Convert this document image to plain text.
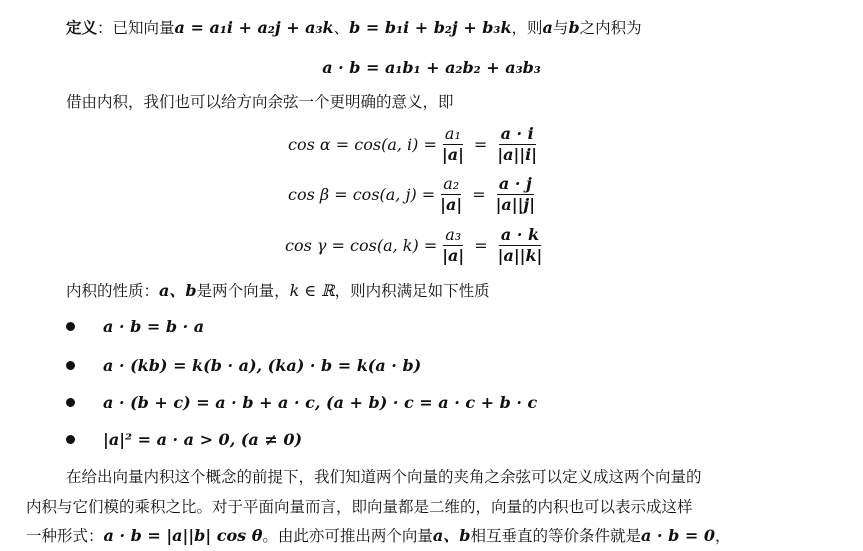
定义：已知向量a = a₁i + a₂j + a₃k、b = b₁i + b₂j + b₃k，则a与b之内积为
a · b = a₁b₁ + a₂b₂ + a₃b₃
借由内积，我们也可以给方向余弦一个更明确的意义，即
cos α = cos(a, $i) = \frac{\text{a₁}}{|a|} = \frac{a \cdot i}{|a||i|}$
cos β = cos(a, $j) = \frac{\text{a₂}}{|a|} = \frac{a \cdot j}{|a||j|}$
cos γ = cos(a, $k) = \frac{\text{a₃}}{|a|} = \frac{a \cdot k}{|a||k|}$
内积的性质：a、b是两个向量，k ∈ ℝ，则内积满足如下性质
a · b = b · a
a · (kb) = k(b · a), (ka) · b = k(a · b)
a · (b + c) = a · b + a · c, (a + b) · c = a · c + b · c
|a|² = a · a > 0, (a ≠ 0)
在给出向量内积这个概念的前提下，我们知道两个向量的夹角之余弦可以定义成这两个向量的
内积与它们模的乘积之比。对于平面向量而言，即向量都是二维的，向量的内积也可以表示成这样
一种形式：a · b = |a||b| cos θ。由此亦可推出两个向量a、b相互垂直的等价条件就是a · b = 0，
